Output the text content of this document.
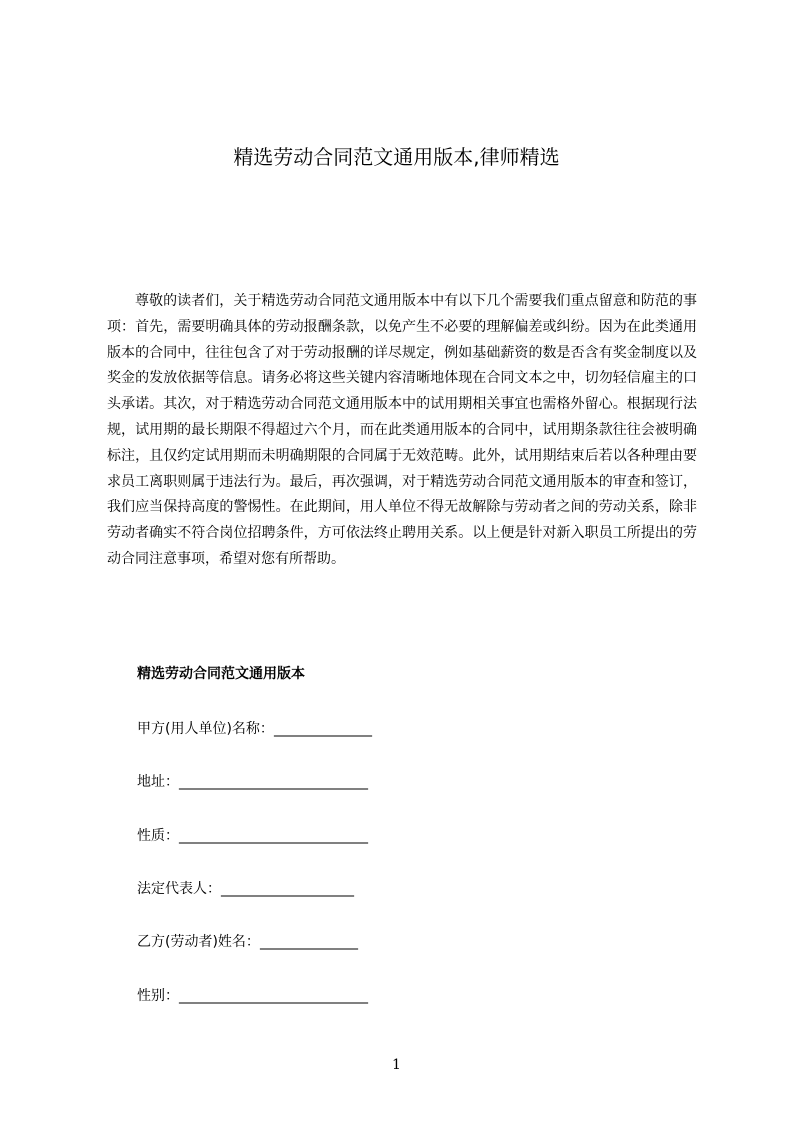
精选劳动合同范文通用版本,律师精选

尊敬的读者们，关于精选劳动合同范文通用版本中有以下几个需要我们重点留意和防范的事项：首先，需要明确具体的劳动报酬条款，以免产生不必要的理解偏差或纠纷。因为在此类通用版本的合同中，往往包含了对于劳动报酬的详尽规定，例如基础薪资的数是否含有奖金制度以及奖金的发放依据等信息。请务必将这些关键内容清晰地体现在合同文本之中，切勿轻信雇主的口头承诺。其次，对于精选劳动合同范文通用版本中的试用期相关事宜也需格外留心。根据现行法规，试用期的最长期限不得超过六个月，而在此类通用版本的合同中，试用期条款往往会被明确标注，且仅约定试用期而未明确期限的合同属于无效范畴。此外，试用期结束后若以各种理由要求员工离职则属于违法行为。最后，再次强调，对于精选劳动合同范文通用版本的审查和签订，我们应当保持高度的警惕性。在此期间，用人单位不得无故解除与劳动者之间的劳动关系，除非劳动者确实不符合岗位招聘条件，方可依法终止聘用关系。以上便是针对新入职员工所提出的劳动合同注意事项，希望对您有所帮助。

精选劳动合同范文通用版本
甲方(用人单位)名称：______________
地址：___________________________
性质：___________________________
法定代表人：___________________
乙方(劳动者)姓名：______________
性别：___________________________
1
